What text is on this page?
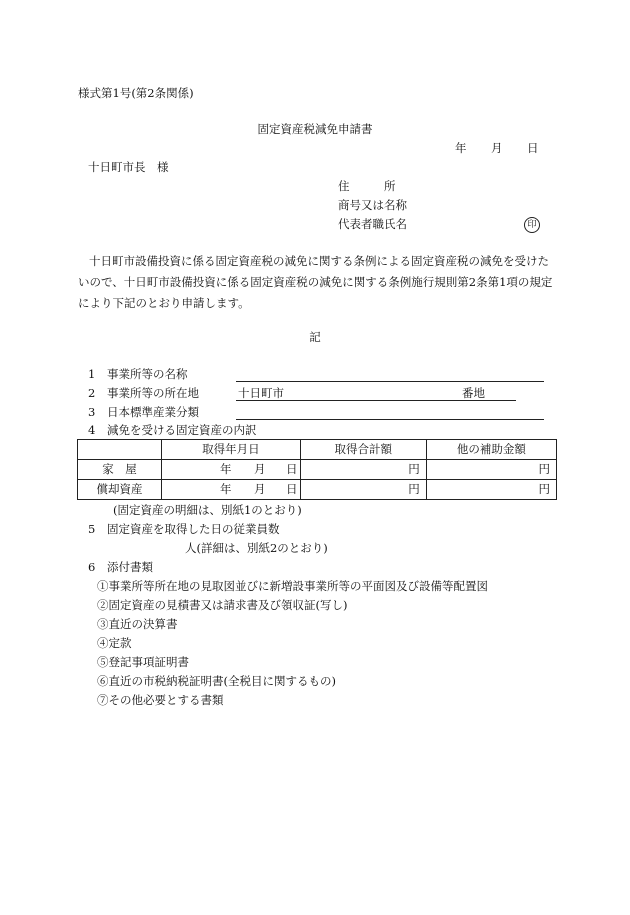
様式第1号(第2条関係)
固定資産税減免申請書
年 月 日
十日町市長　様
住　　　所
商号又は名称
代表者職氏名	印
十日町市設備投資に係る固定資産税の減免に関する条例による固定資産税の減免を受けたいので、十日町市設備投資に係る固定資産税の減免に関する条例施行規則第2条第1項の規定により下記のとおり申請します。
記
1 事業所等の名称
2 事業所等の所在地	十日町市	番地
3 日本標準産業分類
4 減免を受ける固定資産の内訳
	取得年月日	取得合計額	他の補助金額
家　屋	年 月 日	円	円
償却資産	年 月 日	円	円
(固定資産の明細は、別紙1のとおり)
5 固定資産を取得した日の従業員数
人(詳細は、別紙2のとおり)
6 添付書類
①事業所等所在地の見取図並びに新増設事業所等の平面図及び設備等配置図
②固定資産の見積書又は請求書及び領収証(写し)
③直近の決算書
④定款
⑤登記事項証明書
⑥直近の市税納税証明書(全税目に関するもの)
⑦その他必要とする書類
